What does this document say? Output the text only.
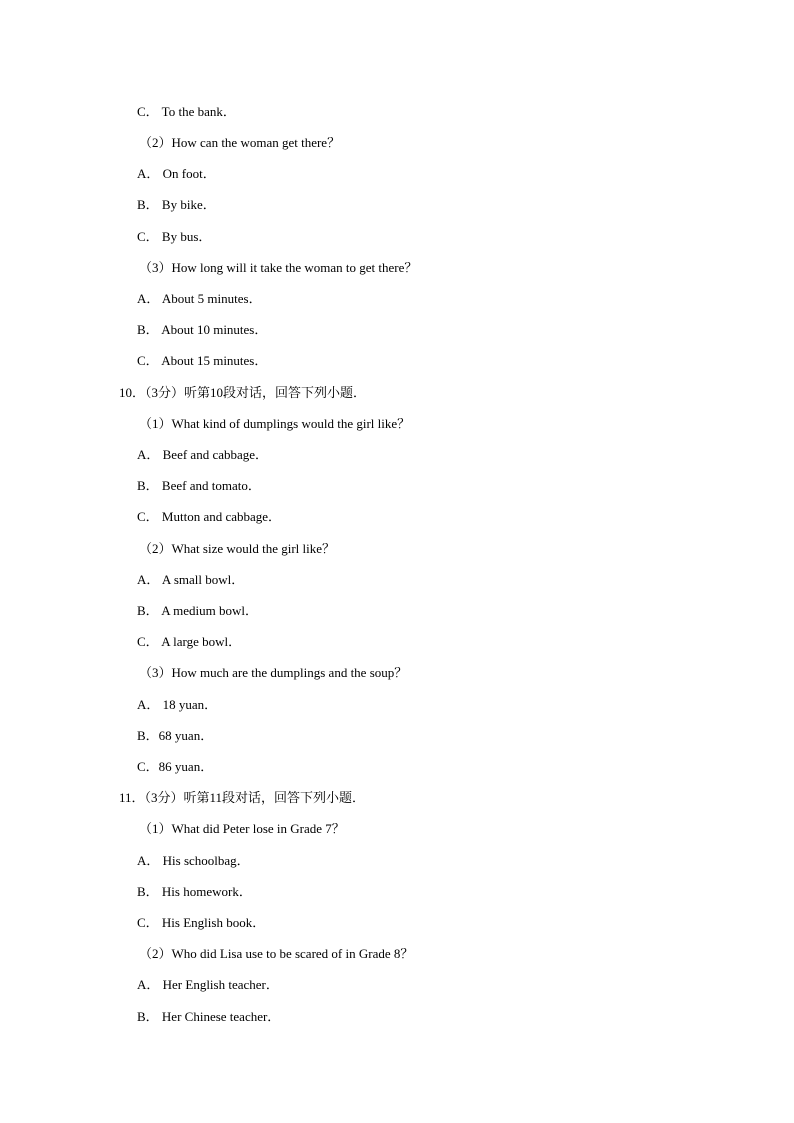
C． To the bank．
（2）How can the woman get there？
A． On foot．
B． By bike．
C． By bus．
（3）How long will it take the woman to get there？
A． About 5 minutes．
B． About 10 minutes．
C． About 15 minutes．
10．（3分）听第10段对话，回答下列小题．
（1）What kind of dumplings would the girl like？
A． Beef and cabbage．
B． Beef and tomato．
C． Mutton and cabbage．
（2）What size would the girl like？
A． A small bowl．
B． A medium bowl．
C． A large bowl．
（3）How much are the dumplings and the soup？
A． 18 yuan．
B．68 yuan．
C．86 yuan．
11．（3分）听第11段对话，回答下列小题．
（1）What did Peter lose in Grade 7？
A． His schoolbag．
B． His homework．
C． His English book．
（2）Who did Lisa use to be scared of in Grade 8？
A． Her English teacher．
B． Her Chinese teacher．
